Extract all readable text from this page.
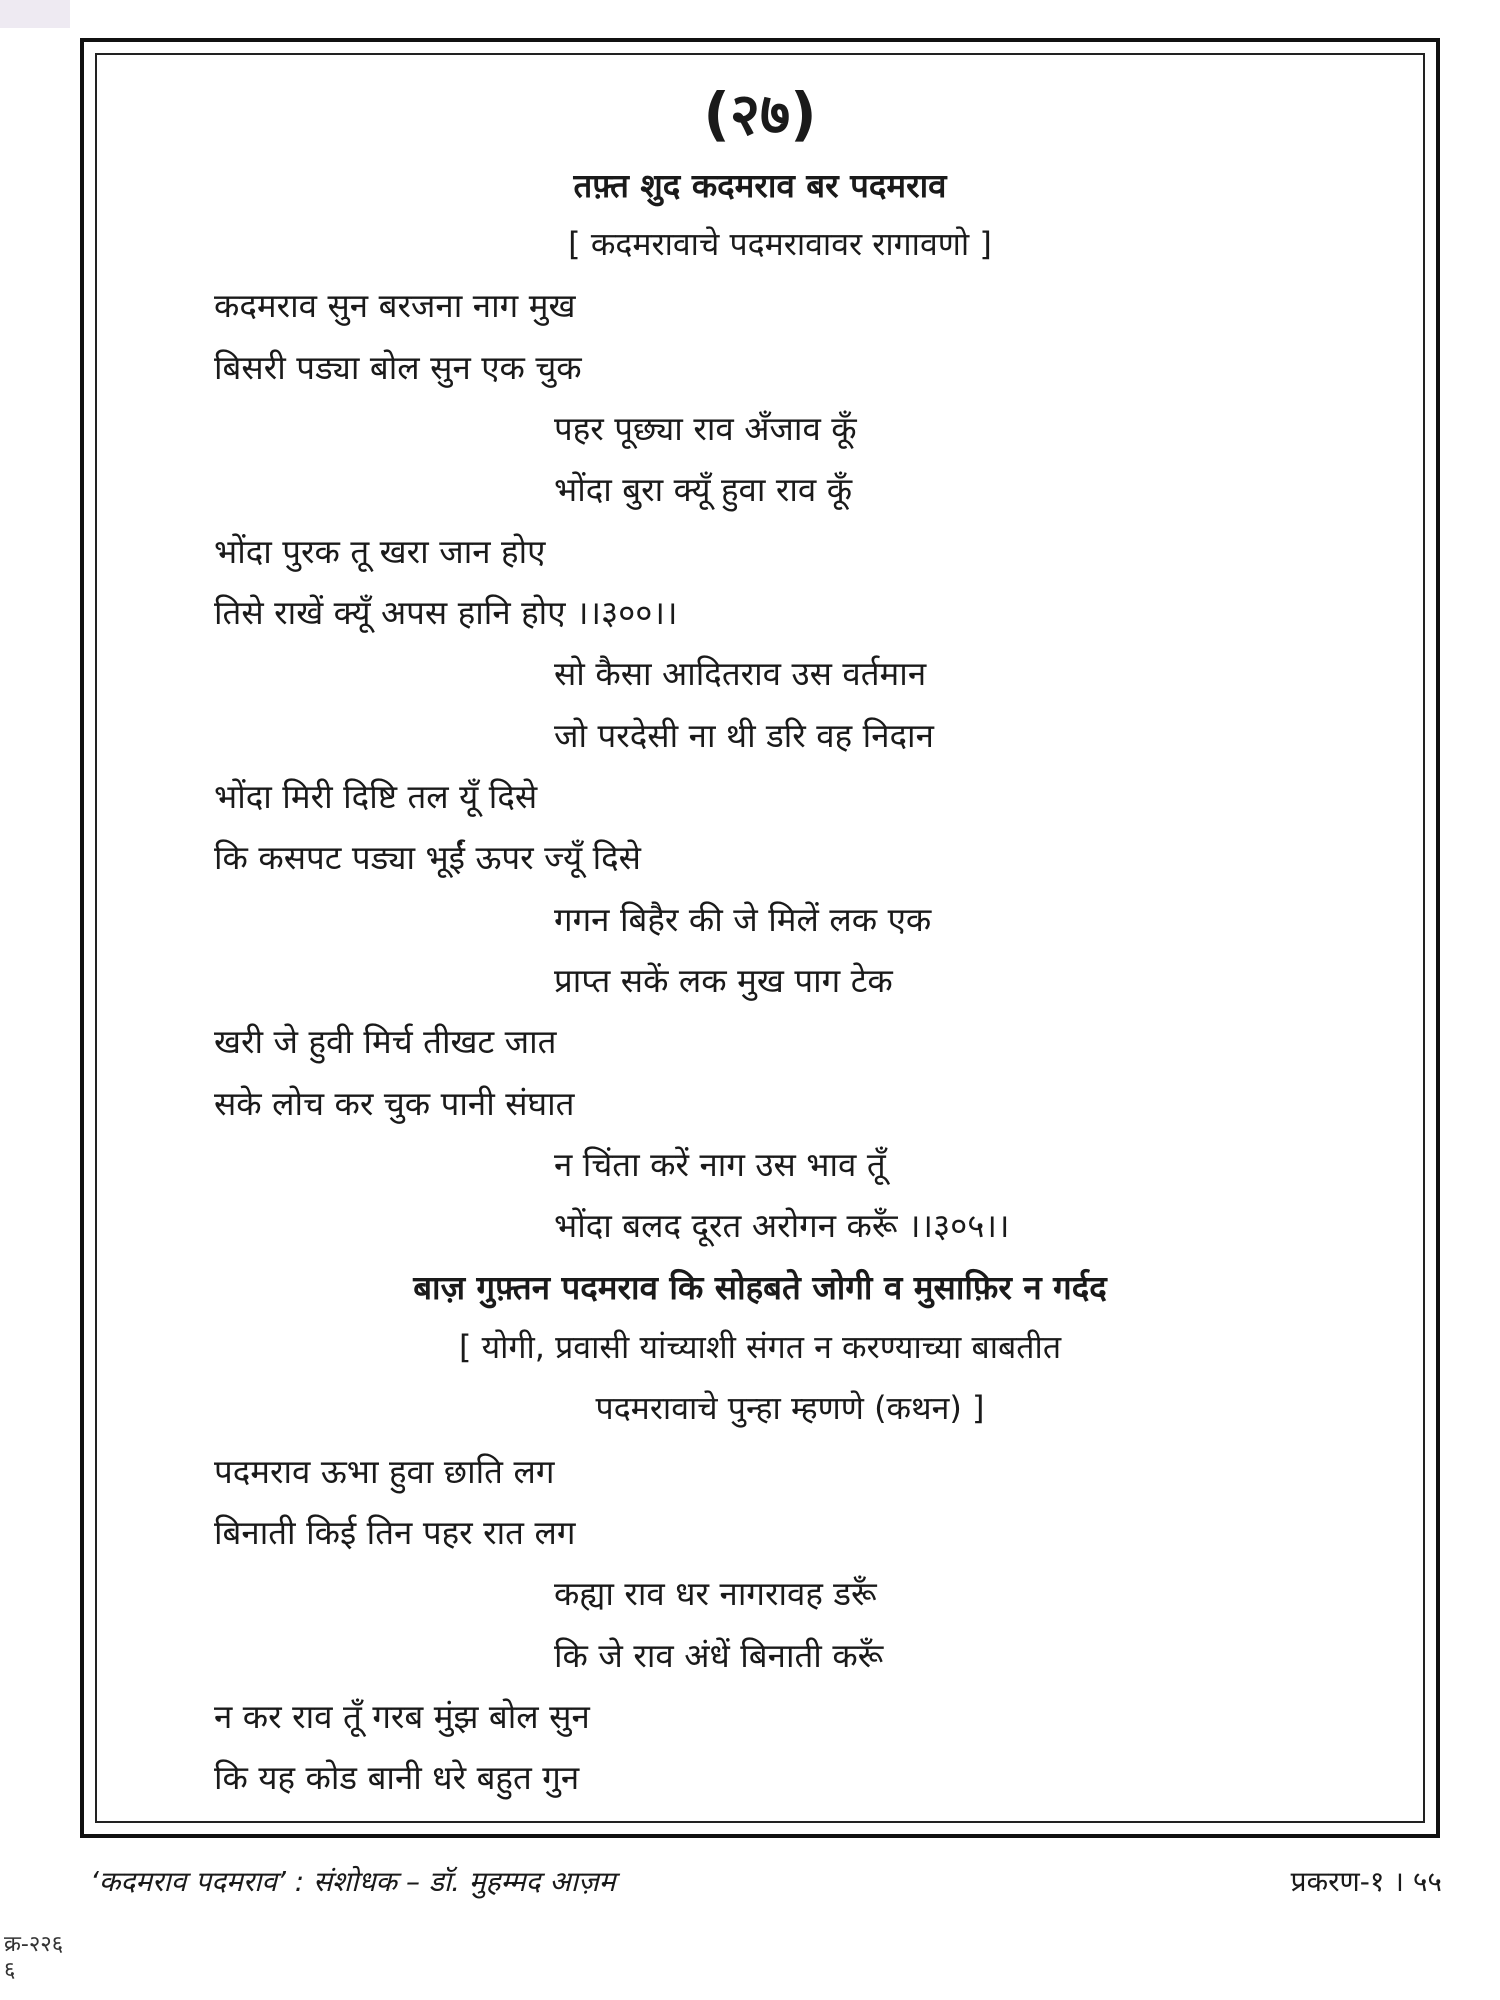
(२७)
तफ़्त शुद कदमराव बर पदमराव
[ कदमरावाचे पदमरावावर रागावणो ]
कदमराव सुन बरजना नाग मुख
बिसरी पड्या बोल सुन एक चुक
पहर पूछ्या राव अँजाव कूँ
भोंदा बुरा क्यूँ हुवा राव कूँ
भोंदा पुरक तू खरा जान होए
तिसे राखें क्यूँ अपस हानि होए ।।३००।।
सो कैसा आदितराव उस वर्तमान
जो परदेसी ना थी डरि वह निदान
भोंदा मिरी दिष्टि तल यूँ दिसे
कि कसपट पड्या भूईं ऊपर ज्यूँ दिसे
गगन बिहैर की जे मिलें लक एक
प्राप्त सकें लक मुख पाग टेक
खरी जे हुवी मिर्च तीखट जात
सके लोच कर चुक पानी संघात
न चिंता करें नाग उस भाव तूँ
भोंदा बलद दूरत अरोगन करूँ ।।३०५।।
बाज़ गुफ़्तन पदमराव कि सोहबते जोगी व मुसाफ़िर न गर्दद
[ योगी, प्रवासी यांच्याशी संगत न करण्याच्या बाबतीत
पदमरावाचे पुन्हा म्हणणे (कथन) ]
पदमराव ऊभा हुवा छाति लग
बिनाती किई तिन पहर रात लग
कह्या राव धर नागरावह डरूँ
कि जे राव अंधें बिनाती करूँ
न कर राव तूँ गरब मुंझ बोल सुन
कि यह कोड बानी धरे बहुत गुन
‘कदमराव पदमराव’ : संशोधक – डॉ. मुहम्मद आज़म	प्रकरण-१ । ५५
क्र-२२६
६
